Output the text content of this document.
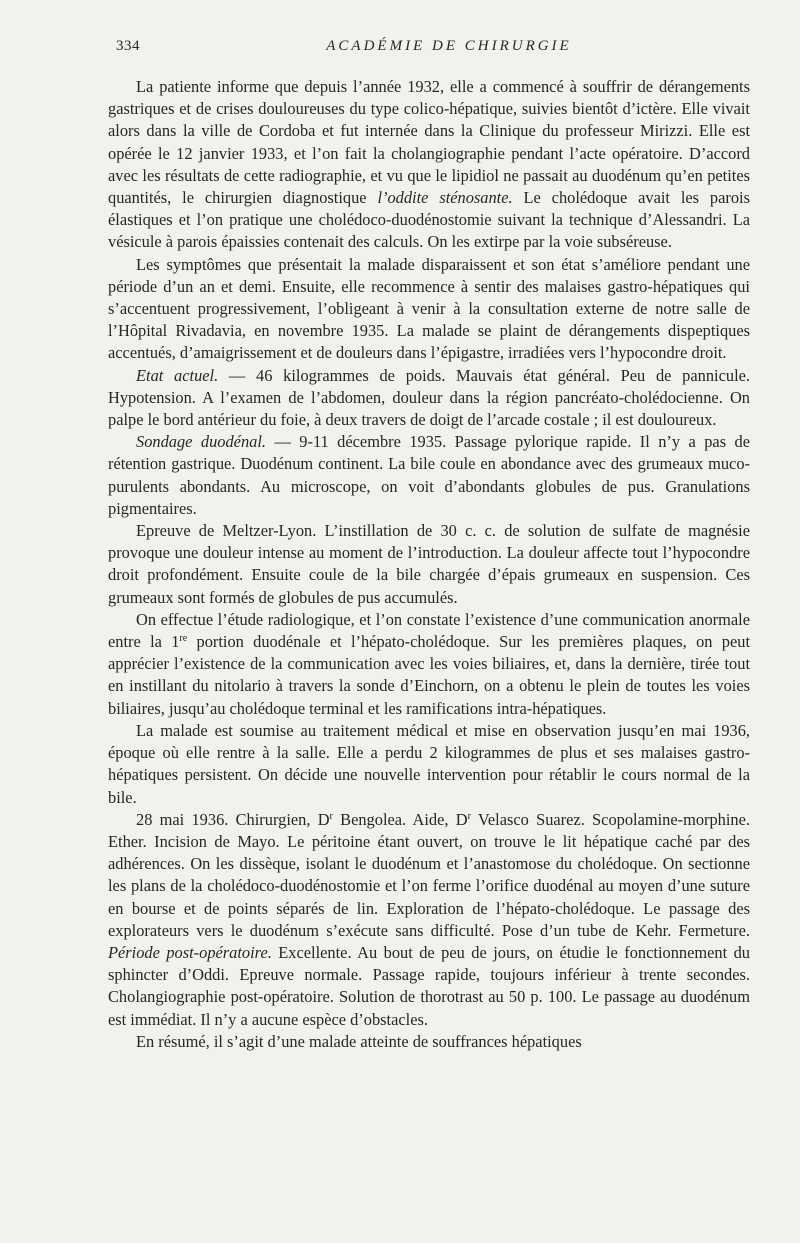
334	ACADÉMIE DE CHIRURGIE

La patiente informe que depuis l’année 1932, elle a commencé à souffrir de dérangements gastriques et de crises douloureuses du type colico-hépatique, suivies bientôt d’ictère. Elle vivait alors dans la ville de Cordoba et fut internée dans la Clinique du professeur Mirizzi. Elle est opérée le 12 janvier 1933, et l’on fait la cholangiographie pendant l’acte opératoire. D’accord avec les résultats de cette radiographie, et vu que le lipidiol ne passait au duodénum qu’en petites quantités, le chirurgien diagnostique l’oddite sténosante. Le cholédoque avait les parois élastiques et l’on pratique une cholédoco-duodénostomie suivant la technique d’Alessandri. La vésicule à parois épaissies contenait des calculs. On les extirpe par la voie subséreuse.

Les symptômes que présentait la malade disparaissent et son état s’améliore pendant une période d’un an et demi. Ensuite, elle recommence à sentir des malaises gastro-hépatiques qui s’accentuent progressivement, l’obligeant à venir à la consultation externe de notre salle de l’Hôpital Rivadavia, en novembre 1935. La malade se plaint de dérangements dispeptiques accentués, d’amaigrissement et de douleurs dans l’épigastre, irradiées vers l’hypocondre droit.

Etat actuel. — 46 kilogrammes de poids. Mauvais état général. Peu de pannicule. Hypotension. A l’examen de l’abdomen, douleur dans la région pancréato-cholédocienne. On palpe le bord antérieur du foie, à deux travers de doigt de l’arcade costale ; il est douloureux.

Sondage duodénal. — 9-11 décembre 1935. Passage pylorique rapide. Il n’y a pas de rétention gastrique. Duodénum continent. La bile coule en abondance avec des grumeaux muco-purulents abondants. Au microscope, on voit d’abondants globules de pus. Granulations pigmentaires.

Epreuve de Meltzer-Lyon. L’instillation de 30 c. c. de solution de sulfate de magnésie provoque une douleur intense au moment de l’introduction. La douleur affecte tout l’hypocondre droit profondément. Ensuite coule de la bile chargée d’épais grumeaux en suspension. Ces grumeaux sont formés de globules de pus accumulés.

On effectue l’étude radiologique, et l’on constate l’existence d’une communication anormale entre la 1re portion duodénale et l’hépato-cholédoque. Sur les premières plaques, on peut apprécier l’existence de la communication avec les voies biliaires, et, dans la dernière, tirée tout en instillant du nitolario à travers la sonde d’Einchorn, on a obtenu le plein de toutes les voies biliaires, jusqu’au cholédoque terminal et les ramifications intra-hépatiques.

La malade est soumise au traitement médical et mise en observation jusqu’en mai 1936, époque où elle rentre à la salle. Elle a perdu 2 kilogrammes de plus et ses malaises gastro-hépatiques persistent. On décide une nouvelle intervention pour rétablir le cours normal de la bile.

28 mai 1936. Chirurgien, $D^r$ Bengolea. Aide, $D^r$ Velasco Suarez. Scopolamine-morphine. Ether. Incision de Mayo. Le péritoine étant ouvert, on trouve le lit hépatique caché par des adhérences. On les dissèque, isolant le duodénum et l’anastomose du cholédoque. On sectionne les plans de la cholédoco-duodénostomie et l’on ferme l’orifice duodénal au moyen d’une suture en bourse et de points séparés de lin. Exploration de l’hépato-cholédoque. Le passage des explorateurs vers le duodénum s’exécute sans difficulté. Pose d’un tube de Kehr. Fermeture. Période post-opératoire. Excellente. Au bout de peu de jours, on étudie le fonctionnement du sphincter d’Oddi. Epreuve normale. Passage rapide, toujours inférieur à trente secondes. Cholangiographie post-opératoire. Solution de thorotrast au 50 p. 100. Le passage au duodénum est immédiat. Il n’y a aucune espèce d’obstacles.

En résumé, il s’agit d’une malade atteinte de souffrances hépatiques
